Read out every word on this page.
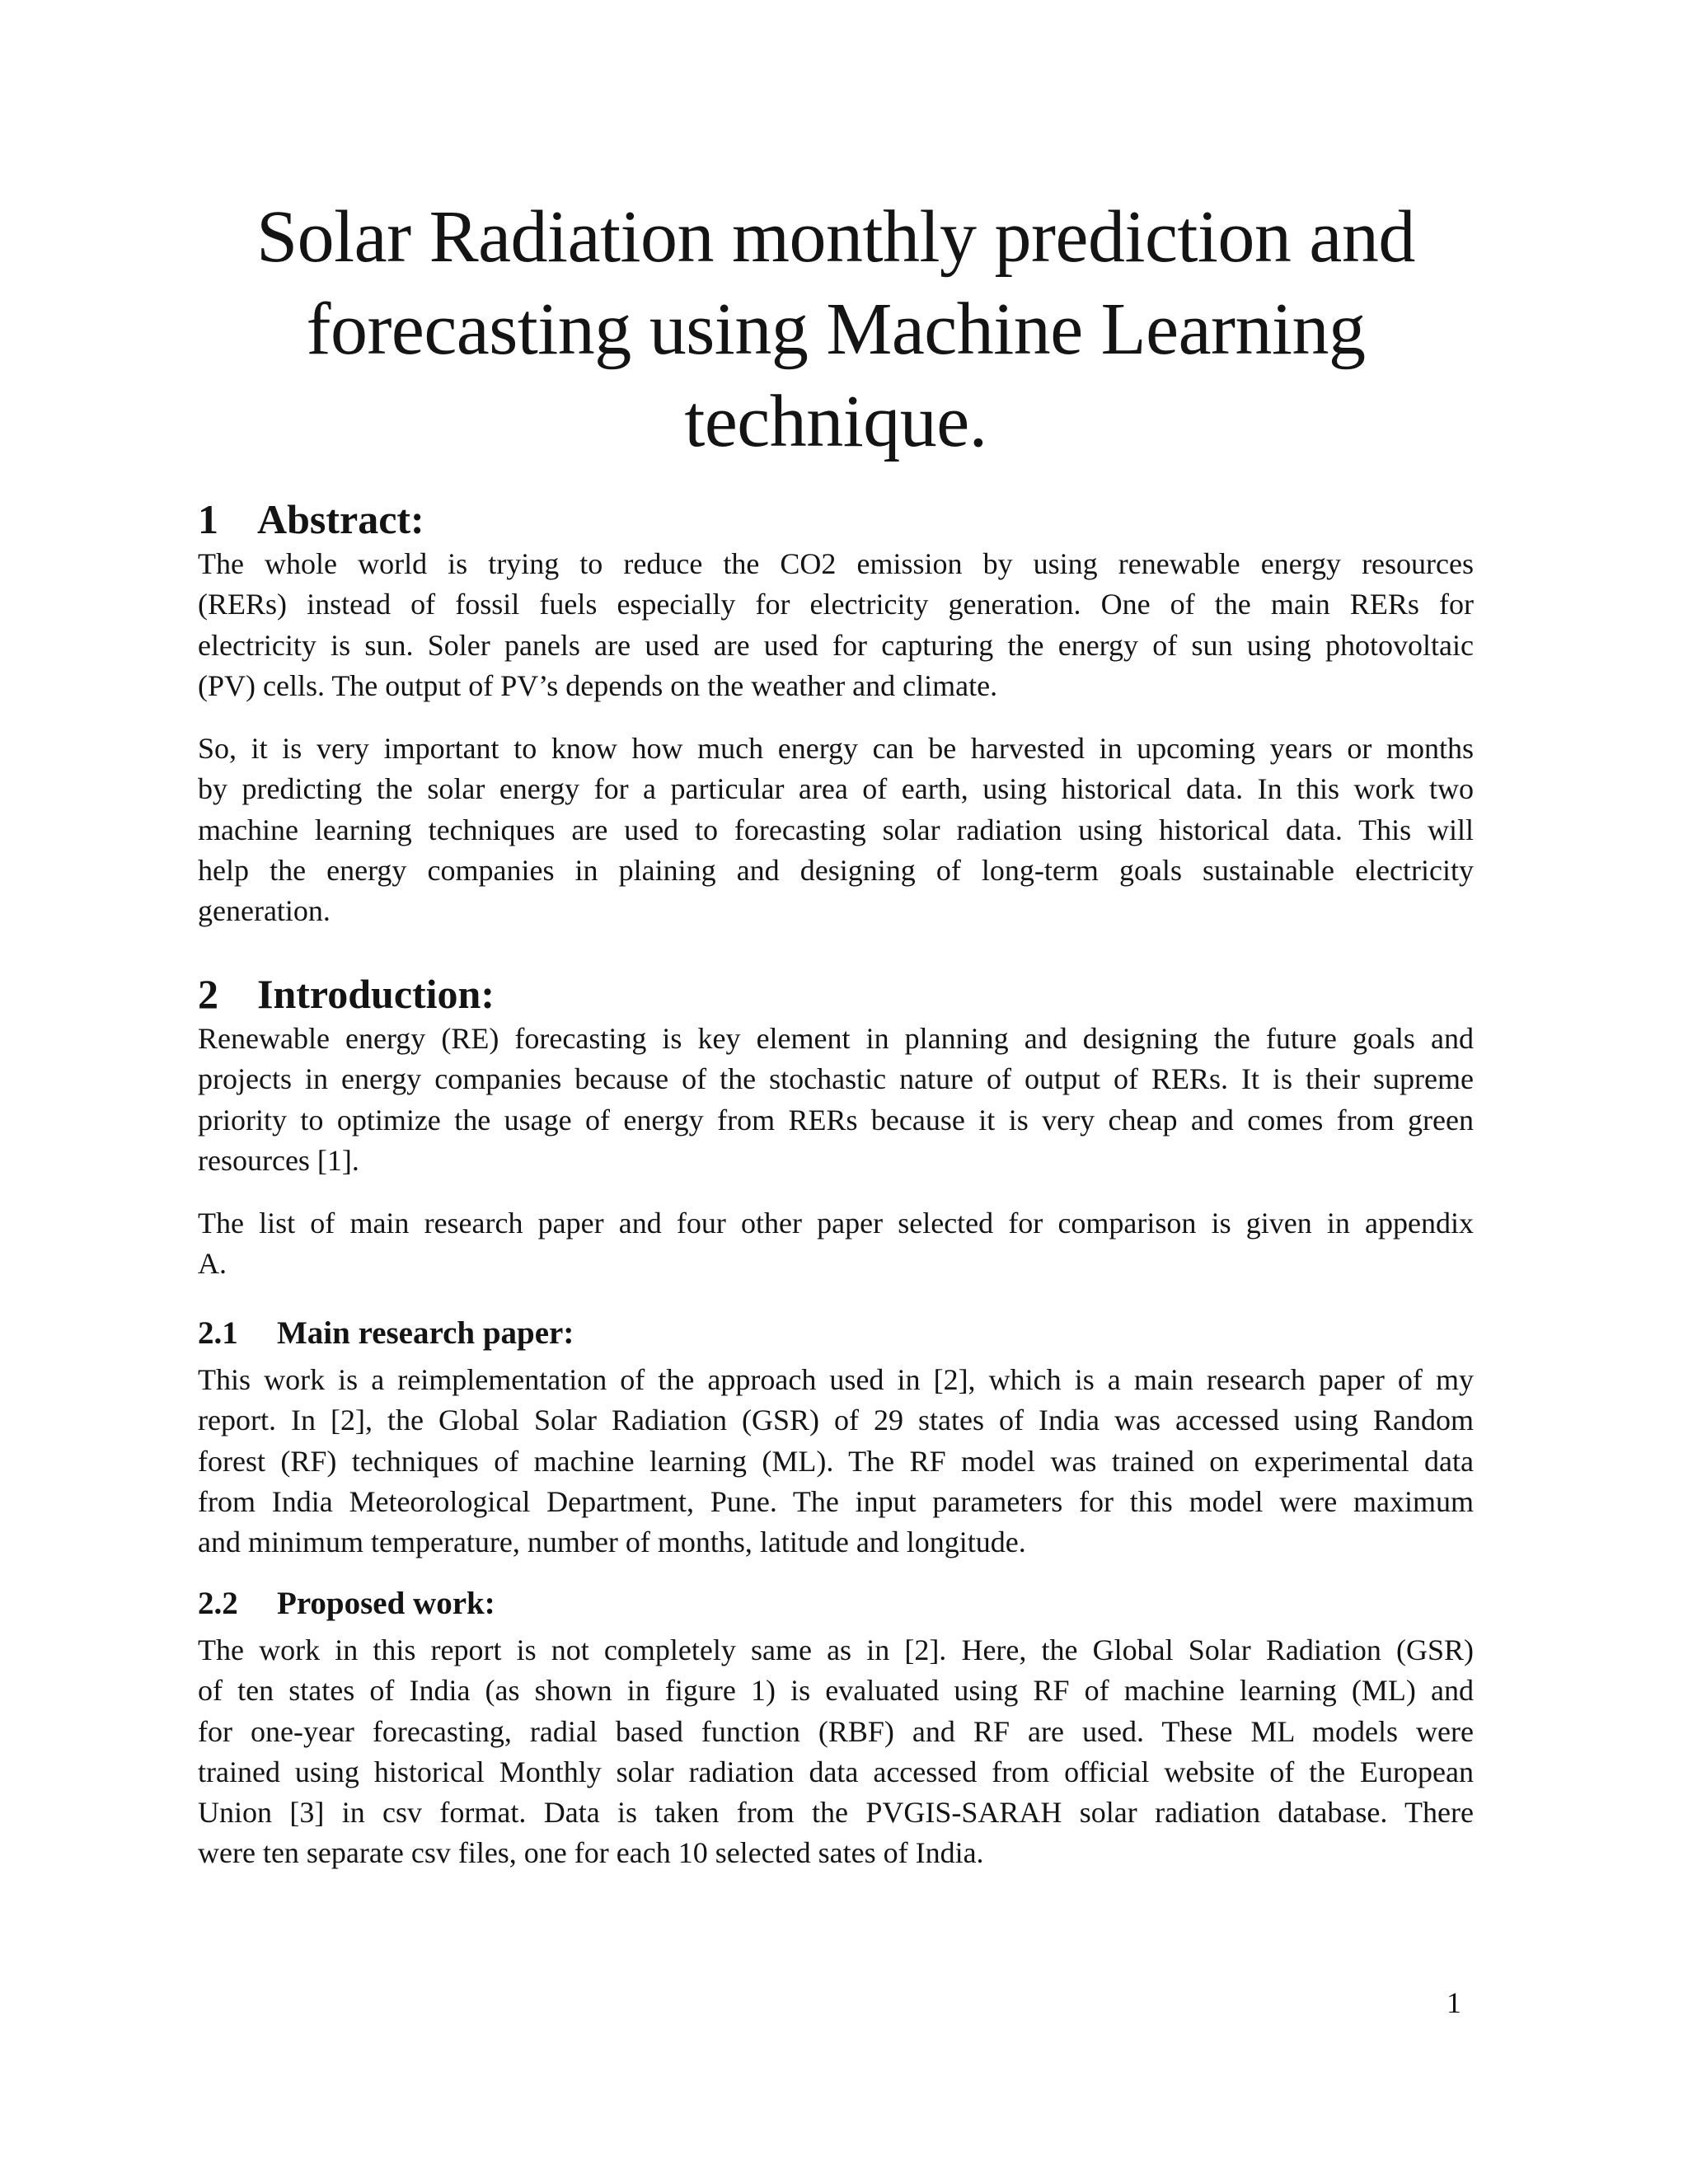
Solar Radiation monthly prediction and forecasting using Machine Learning technique.
1 Abstract:

The whole world is trying to reduce the CO2 emission by using renewable energy resources
(RERs) instead of fossil fuels especially for electricity generation. One of the main RERs for
electricity is sun. Soler panels are used are used for capturing the energy of sun using photovoltaic
(PV) cells. The output of PV’s depends on the weather and climate.

So, it is very important to know how much energy can be harvested in upcoming years or months
by predicting the solar energy for a particular area of earth, using historical data. In this work two
machine learning techniques are used to forecasting solar radiation using historical data. This will
help the energy companies in plaining and designing of long-term goals sustainable electricity
generation.

2 Introduction:

Renewable energy (RE) forecasting is key element in planning and designing the future goals and
projects in energy companies because of the stochastic nature of output of RERs. It is their supreme
priority to optimize the usage of energy from RERs because it is very cheap and comes from green
resources [1].

The list of main research paper and four other paper selected for comparison is given in appendix
A.

2.1 Main research paper:

This work is a reimplementation of the approach used in [2], which is a main research paper of my
report. In [2], the Global Solar Radiation (GSR) of 29 states of India was accessed using Random
forest (RF) techniques of machine learning (ML). The RF model was trained on experimental data
from India Meteorological Department, Pune. The input parameters for this model were maximum
and minimum temperature, number of months, latitude and longitude.

2.2 Proposed work:

The work in this report is not completely same as in [2]. Here, the Global Solar Radiation (GSR)
of ten states of India (as shown in figure 1) is evaluated using RF of machine learning (ML) and
for one-year forecasting, radial based function (RBF) and RF are used. These ML models were
trained using historical Monthly solar radiation data accessed from official website of the European
Union [3] in csv format. Data is taken from the PVGIS-SARAH solar radiation database. There
were ten separate csv files, one for each 10 selected sates of India.

1
